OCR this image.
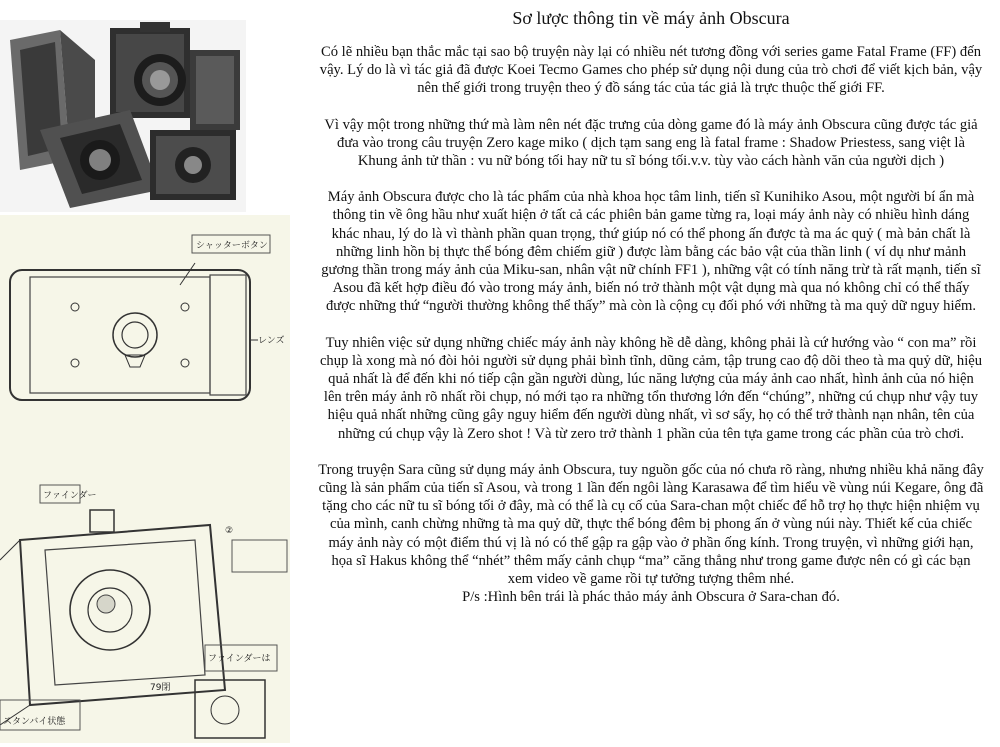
シャッターボタン
レンズ
ファインダー
②
ファインダーは
スタンバイ状態
79閉
Sơ lược thông tin về máy ảnh Obscura

Có lẽ nhiều bạn thắc mắc tại sao bộ truyện này lại có nhiều nét tương đồng với series game Fatal Frame (FF) đến vậy. Lý do là vì tác giả đã được Koei Tecmo Games cho phép sử dụng nội dung của trò chơi để viết kịch bản, vậy nên thế giới trong truyện theo ý đồ sáng tác của tác giả là trực thuộc thế giới FF.

Vì vậy một trong những thứ mà làm nên nét đặc trưng của dòng game đó là máy ảnh Obscura cũng được tác giả đưa vào trong câu truyện Zero kage miko ( dịch tạm sang eng là fatal frame : Shadow Priestess, sang việt là Khung ảnh tử thần : vu nữ bóng tối hay nữ tu sĩ bóng tối.v.v. tùy vào cách hành văn của người dịch )

Máy ảnh Obscura được cho là tác phẩm của nhà khoa học tâm linh, tiến sĩ Kunihiko Asou, một người bí ẩn mà thông tin về ông hầu như xuất hiện ở tất cả các phiên bản game từng ra, loại máy ảnh này có nhiều hình dáng khác nhau, lý do là vì thành phần quan trọng, thứ giúp nó có thể phong ấn được tà ma ác quỷ ( mà bản chất là những linh hồn bị thực thể bóng đêm chiếm giữ ) được làm bằng các bảo vật của thần linh ( ví dụ như mảnh gương thần trong máy ảnh của Miku-san, nhân vật nữ chính FF1 ), những vật có tính năng trừ tà rất mạnh, tiến sĩ Asou đã kết hợp điều đó vào trong máy ảnh, biến nó trở thành một vật dụng mà qua nó không chỉ có thể thấy được những thứ “người thường không thể thấy” mà còn là cộng cụ đối phó với những tà ma quỷ dữ nguy hiểm.

Tuy nhiên việc sử dụng những chiếc máy ảnh này không hề dễ dàng, không phải là cứ hướng vào “ con ma” rồi chụp là xong mà nó đòi hỏi người sử dụng phải bình tĩnh, dũng cảm, tập trung cao độ dõi theo tà ma quỷ dữ, hiệu quả nhất là để đến khi nó tiếp cận gần người dùng, lúc năng lượng của máy ảnh cao nhất, hình ảnh của nó hiện lên trên máy ảnh rõ nhất rồi chụp, nó mới tạo ra những tổn thương lớn đến “chúng”, những cú chụp như vậy tuy hiệu quả nhất những cũng gây nguy hiểm đến người dùng nhất, vì sơ sẩy, họ có thể trở thành nạn nhân, tên của những cú chụp vậy là Zero shot ! Và từ zero trở thành 1 phần của tên tựa game trong các phần của trò chơi.

Trong truyện Sara cũng sử dụng máy ảnh Obscura, tuy nguồn gốc của nó chưa rõ ràng, nhưng nhiều khả năng đây cũng là sản phẩm của tiến sĩ Asou, và trong 1 lần đến ngôi làng Karasawa để tìm hiểu về vùng núi Kegare, ông đã tặng cho các nữ tu sĩ bóng tối ở đây, mà có thể là cụ cố của Sara-chan một chiếc để hỗ trợ họ thực hiện nhiệm vụ của mình, canh chừng những tà ma quỷ dữ, thực thể bóng đêm bị phong ấn ở vùng núi này. Thiết kế của chiếc máy ảnh này có một điểm thú vị là nó có thể gập ra gập vào ở phần ống kính. Trong truyện, vì những giới hạn, họa sĩ Hakus không thể “nhét” thêm mấy cảnh chụp “ma” căng thẳng như trong game được nên có gì các bạn xem video về game rồi tự tưởng tượng thêm nhé.

P/s :Hình bên trái là phác thảo máy ảnh Obscura ở Sara-chan đó.
